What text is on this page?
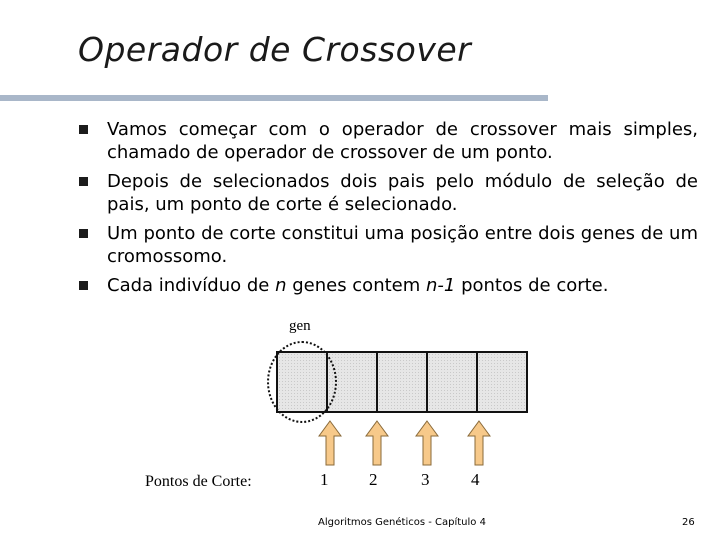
Operador de Crossover
Vamos começar com o operador de crossover mais simples, chamado de operador de crossover de um ponto.
Depois de selecionados dois pais pelo módulo de seleção de pais, um ponto de corte é selecionado.
Um ponto de corte constitui uma posição entre dois genes de um cromossomo.
Cada indivíduo de n genes contem n-1 pontos de corte.
gen
Pontos de Corte:	1 2	3 4
Algoritmos Genéticos - Capítulo 4	26
